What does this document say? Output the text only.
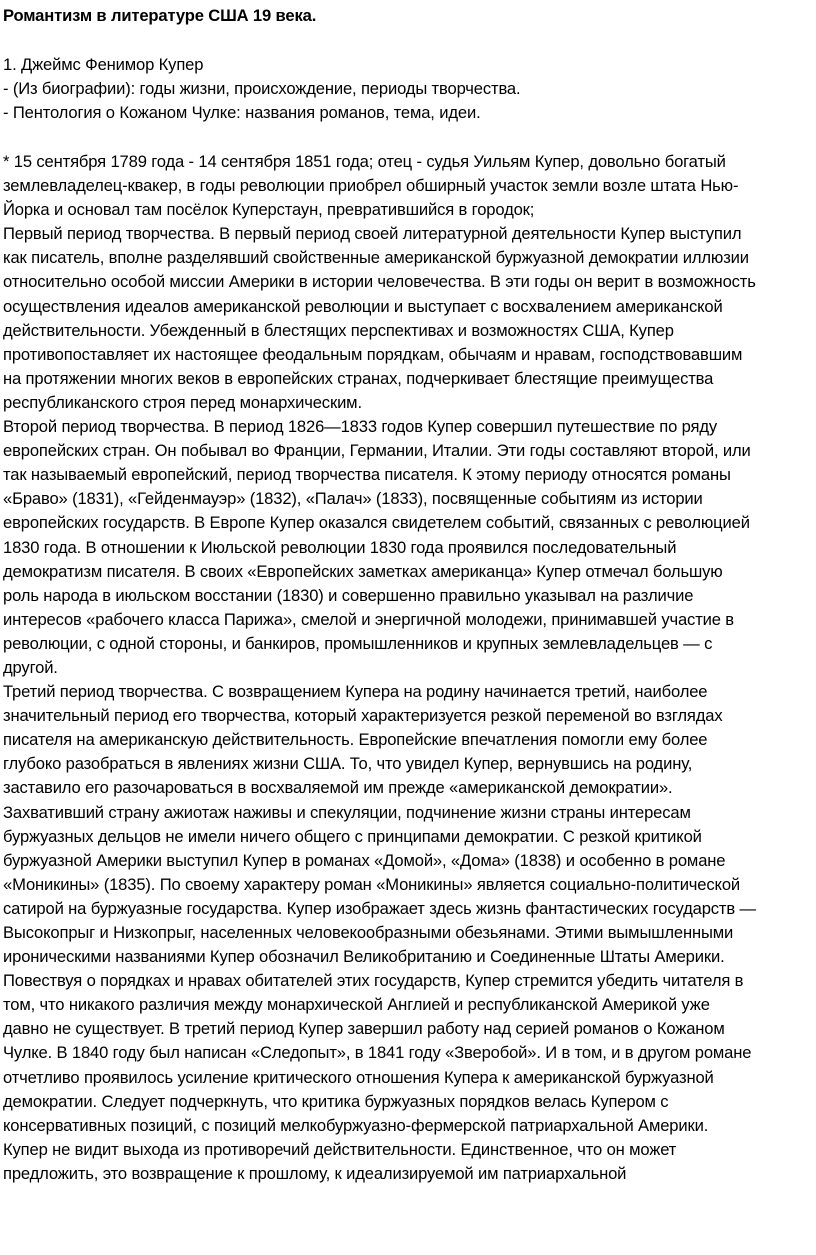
Романтизм в литературе США 19 века.
1. Джеймс Фенимор Купер
- (Из биографии): годы жизни, происхождение, периоды творчества.
- Пентология о Кожаном Чулке: названия романов, тема, идеи.
* 15 сентября 1789 года - 14 сентября 1851 года; отец - судья Уильям Купер, довольно богатый
землевладелец-квакер, в годы революции приобрел обширный участок земли возле штата Нью-
Йорка и основал там посёлок Куперстаун, превратившийся в городок;
Первый период творчества. В первый период своей литературной деятельности Купер выступил
как писатель, вполне разделявший свойственные американской буржуазной демократии иллюзии
относительно особой миссии Америки в истории человечества. В эти годы он верит в возможность
осуществления идеалов американской революции и выступает с восхвалением американской
действительности. Убежденный в блестящих перспективах и возможностях США, Купер
противопоставляет их настоящее феодальным порядкам, обычаям и нравам, господствовавшим
на протяжении многих веков в европейских странах, подчеркивает блестящие преимущества
республиканского строя перед монархическим.
Второй период творчества. В период 1826—1833 годов Купер совершил путешествие по ряду
европейских стран. Он побывал во Франции, Германии, Италии. Эти годы составляют второй, или
так называемый европейский, период творчества писателя. К этому периоду относятся романы
«Браво» (1831), «Гейденмауэр» (1832), «Палач» (1833), посвященные событиям из истории
европейских государств. В Европе Купер оказался свидетелем событий, связанных с революцией
1830 года. В отношении к Июльской революции 1830 года проявился последовательный
демократизм писателя. В своих «Европейских заметках американца» Купер отмечал большую
роль народа в июльском восстании (1830) и совершенно правильно указывал на различие
интересов «рабочего класса Парижа», смелой и энергичной молодежи, принимавшей участие в
революции, с одной стороны, и банкиров, промышленников и крупных землевладельцев — с
другой.
Третий период творчества. С возвращением Купера на родину начинается третий, наиболее
значительный период его творчества, который характеризуется резкой переменой во взглядах
писателя на американскую действительность. Европейские впечатления помогли ему более
глубоко разобраться в явлениях жизни США. То, что увидел Купер, вернувшись на родину,
заставило его разочароваться в восхваляемой им прежде «американской демократии».
Захвативший страну ажиотаж наживы и спекуляции, подчинение жизни страны интересам
буржуазных дельцов не имели ничего общего с принципами демократии. С резкой критикой
буржуазной Америки выступил Купер в романах «Домой», «Дома» (1838) и особенно в романе
«Моникины» (1835). По своему характеру роман «Моникины» является социально-политической
сатирой на буржуазные государства. Купер изображает здесь жизнь фантастических государств —
Высокопрыг и Низкопрыг, населенных человекообразными обезьянами. Этими вымышленными
ироническими названиями Купер обозначил Великобританию и Соединенные Штаты Америки.
Повествуя о порядках и нравах обитателей этих государств, Купер стремится убедить читателя в
том, что никакого различия между монархической Англией и республиканской Америкой уже
давно не существует. В третий период Купер завершил работу над серией романов о Кожаном
Чулке. В 1840 году был написан «Следопыт», в 1841 году «Зверобой». И в том, и в другом романе
отчетливо проявилось усиление критического отношения Купера к американской буржуазной
демократии. Следует подчеркнуть, что критика буржуазных порядков велась Купером с
консервативных позиций, с позиций мелкобуржуазно-фермерской патриархальной Америки.
Купер не видит выхода из противоречий действительности. Единственное, что он может
предложить, это возвращение к прошлому, к идеализируемой им патриархальной
